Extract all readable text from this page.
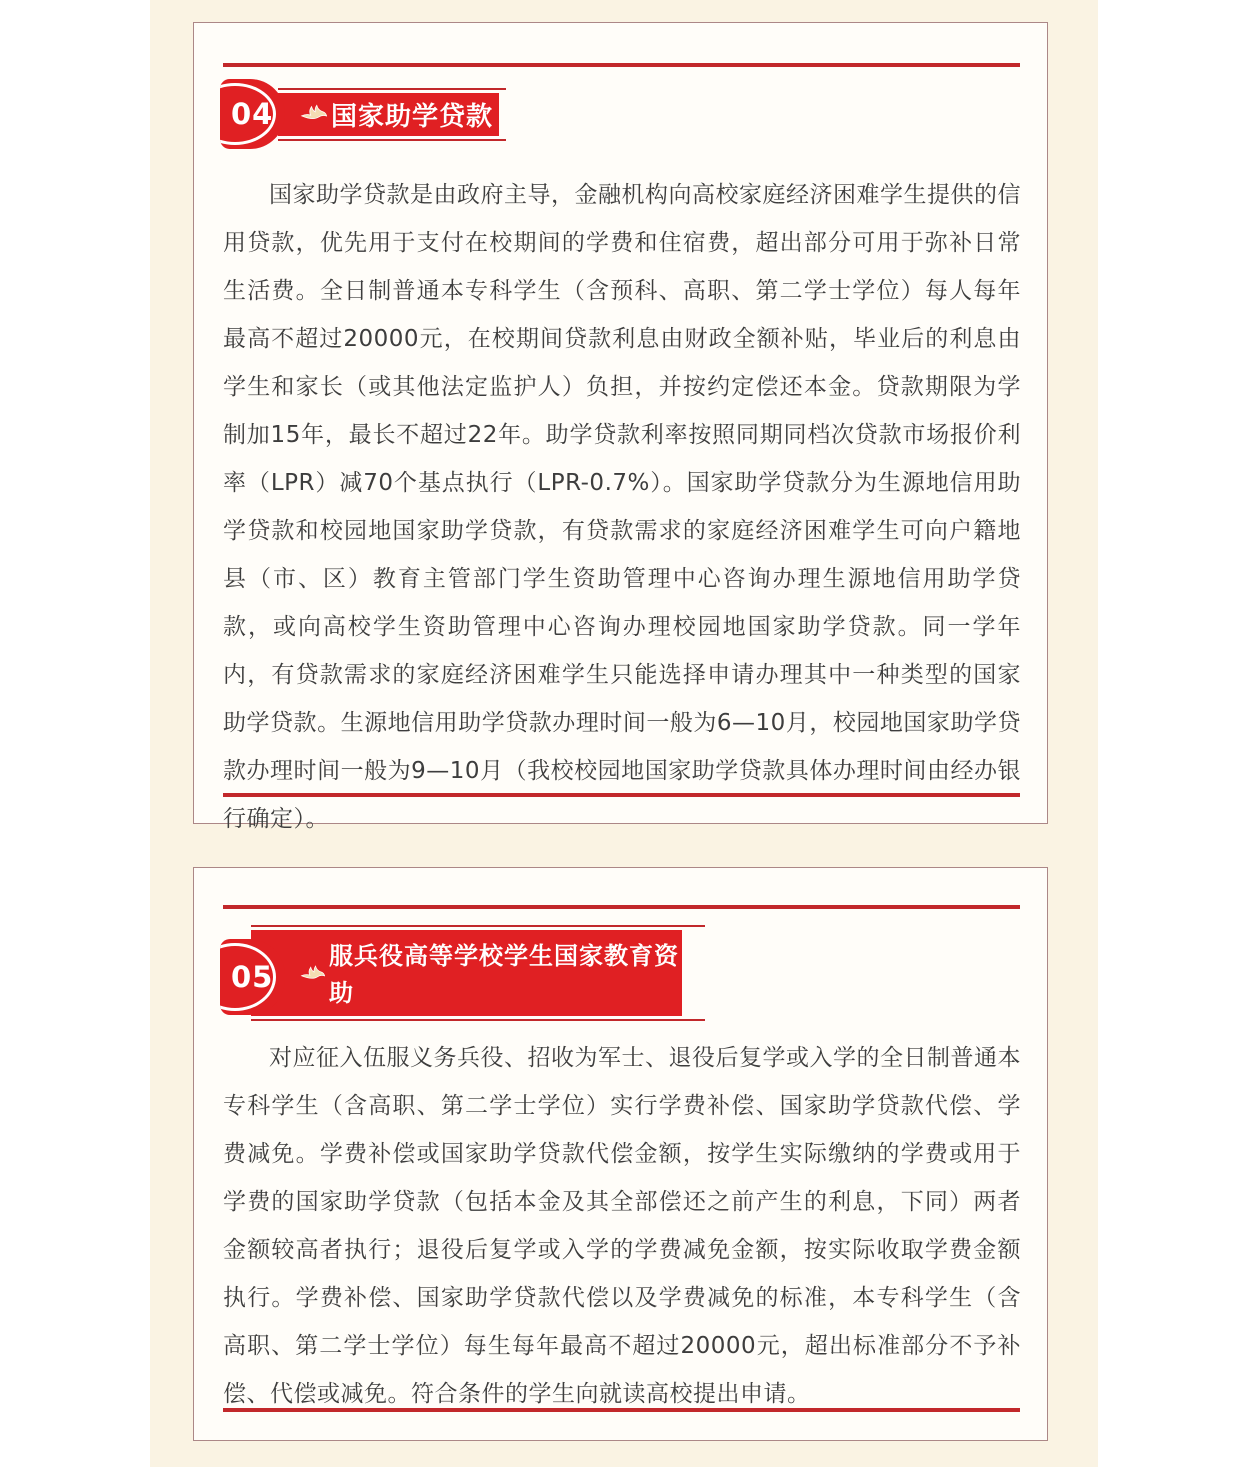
04 国家助学贷款

国家助学贷款是由政府主导，金融机构向高校家庭经济困难学生提供的信用贷款，优先用于支付在校期间的学费和住宿费，超出部分可用于弥补日常生活费。全日制普通本专科学生（含预科、高职、第二学士学位）每人每年最高不超过20000元，在校期间贷款利息由财政全额补贴，毕业后的利息由学生和家长（或其他法定监护人）负担，并按约定偿还本金。贷款期限为学制加15年，最长不超过22年。助学贷款利率按照同期同档次贷款市场报价利率（LPR）减70个基点执行（LPR-0.7%）。国家助学贷款分为生源地信用助学贷款和校园地国家助学贷款，有贷款需求的家庭经济困难学生可向户籍地县（市、区）教育主管部门学生资助管理中心咨询办理生源地信用助学贷款，或向高校学生资助管理中心咨询办理校园地国家助学贷款。同一学年内，有贷款需求的家庭经济困难学生只能选择申请办理其中一种类型的国家助学贷款。生源地信用助学贷款办理时间一般为6—10月，校园地国家助学贷款办理时间一般为9—10月（我校校园地国家助学贷款具体办理时间由经办银行确定）。

05
服兵役高等学校学生国家教育资
助

对应征入伍服义务兵役、招收为军士、退役后复学或入学的全日制普通本专科学生（含高职、第二学士学位）实行学费补偿、国家助学贷款代偿、学费减免。学费补偿或国家助学贷款代偿金额，按学生实际缴纳的学费或用于学费的国家助学贷款（包括本金及其全部偿还之前产生的利息，下同）两者金额较高者执行；退役后复学或入学的学费减免金额，按实际收取学费金额执行。学费补偿、国家助学贷款代偿以及学费减免的标准，本专科学生（含高职、第二学士学位）每生每年最高不超过20000元，超出标准部分不予补偿、代偿或减免。符合条件的学生向就读高校提出申请。
